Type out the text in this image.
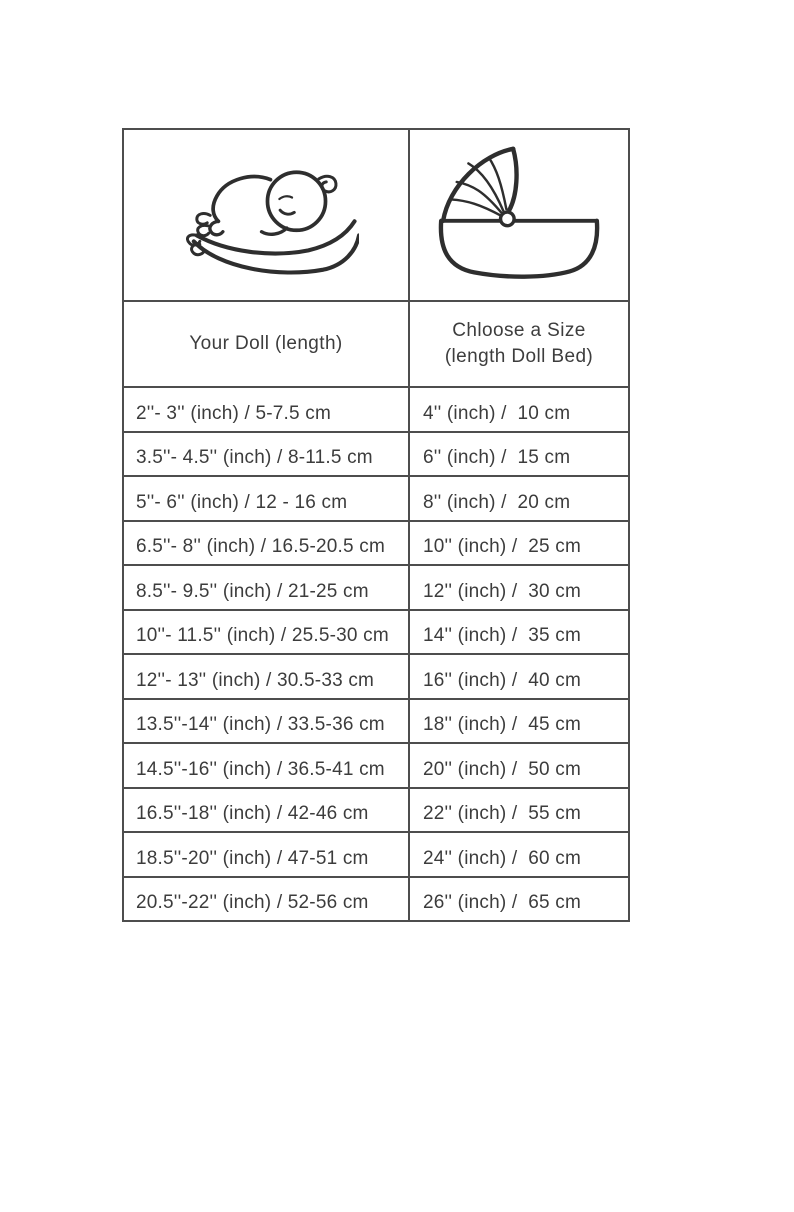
Your Doll (length)
Chloose a Size
(length Doll Bed)
2''- 3'' (inch) / 5-7.5 cm	4'' (inch) /  10 cm
3.5''- 4.5'' (inch) / 8-11.5 cm	6'' (inch) /  15 cm
5''- 6'' (inch) / 12 - 16 cm	8'' (inch) /  20 cm
6.5''- 8'' (inch) / 16.5-20.5 cm	10'' (inch) /  25 cm
8.5''- 9.5'' (inch) / 21-25 cm	12'' (inch) /  30 cm
10''- 11.5'' (inch) / 25.5-30 cm	14'' (inch) /  35 cm
12''- 13'' (inch) / 30.5-33 cm	16'' (inch) /  40 cm
13.5''-14'' (inch) / 33.5-36 cm	18'' (inch) /  45 cm
14.5''-16'' (inch) / 36.5-41 cm	20'' (inch) /  50 cm
16.5''-18'' (inch) / 42-46 cm	22'' (inch) /  55 cm
18.5''-20'' (inch) / 47-51 cm	24'' (inch) /  60 cm
20.5''-22'' (inch) / 52-56 cm	26'' (inch) /  65 cm
